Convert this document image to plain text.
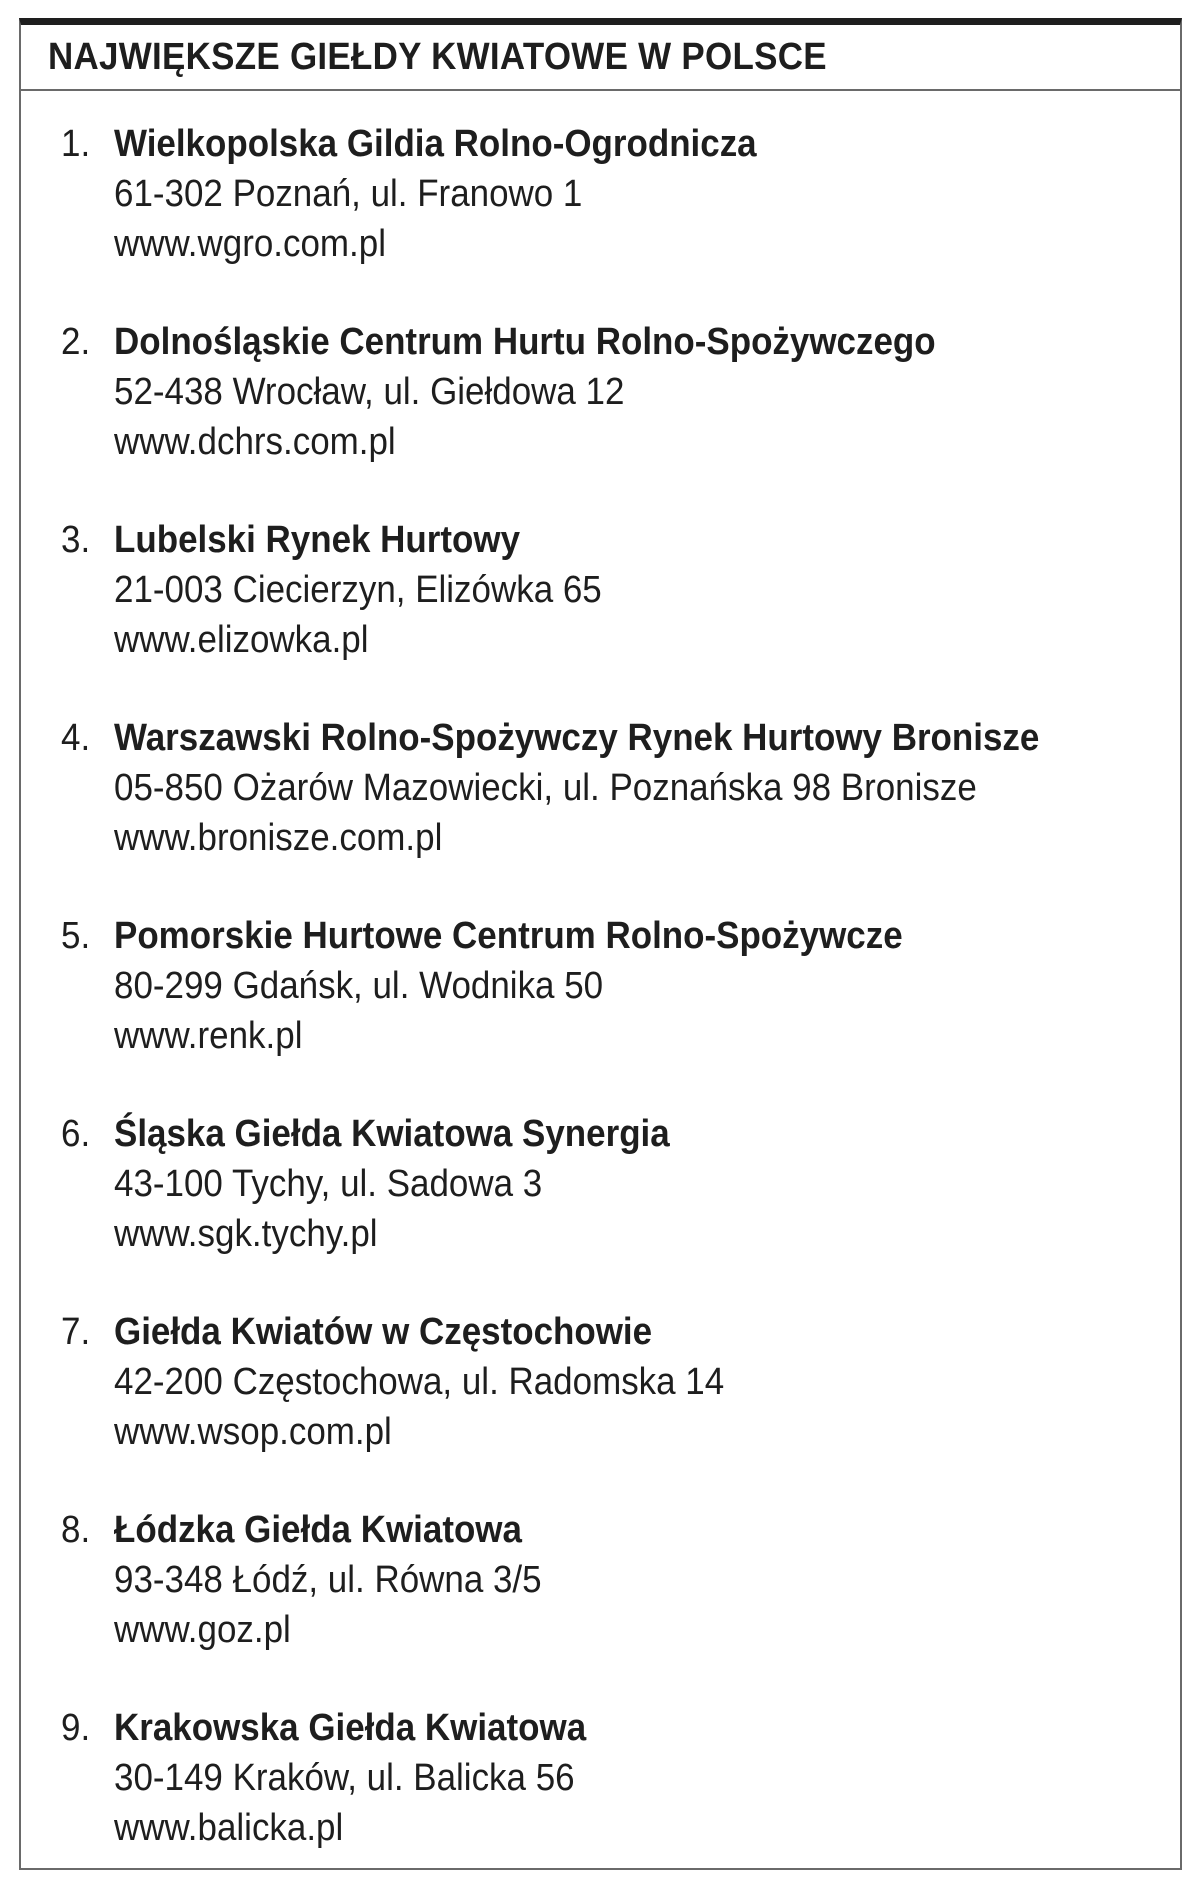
NAJWIĘKSZE GIEŁDY KWIATOWE W POLSCE
1. Wielkopolska Gildia Rolno-Ogrodnicza
61-302 Poznań, ul. Franowo 1
www.wgro.com.pl
2. Dolnośląskie Centrum Hurtu Rolno-Spożywczego
52-438 Wrocław, ul. Giełdowa 12
www.dchrs.com.pl
3. Lubelski Rynek Hurtowy
21-003 Ciecierzyn, Elizówka 65
www.elizowka.pl
4. Warszawski Rolno-Spożywczy Rynek Hurtowy Bronisze
05-850 Ożarów Mazowiecki, ul. Poznańska 98 Bronisze
www.bronisze.com.pl
5. Pomorskie Hurtowe Centrum Rolno-Spożywcze
80-299 Gdańsk, ul. Wodnika 50
www.renk.pl
6. Śląska Giełda Kwiatowa Synergia
43-100 Tychy, ul. Sadowa 3
www.sgk.tychy.pl
7. Giełda Kwiatów w Częstochowie
42-200 Częstochowa, ul. Radomska 14
www.wsop.com.pl
8. Łódzka Giełda Kwiatowa
93-348 Łódź, ul. Równa 3/5
www.goz.pl
9. Krakowska Giełda Kwiatowa
30-149 Kraków, ul. Balicka 56
www.balicka.pl
